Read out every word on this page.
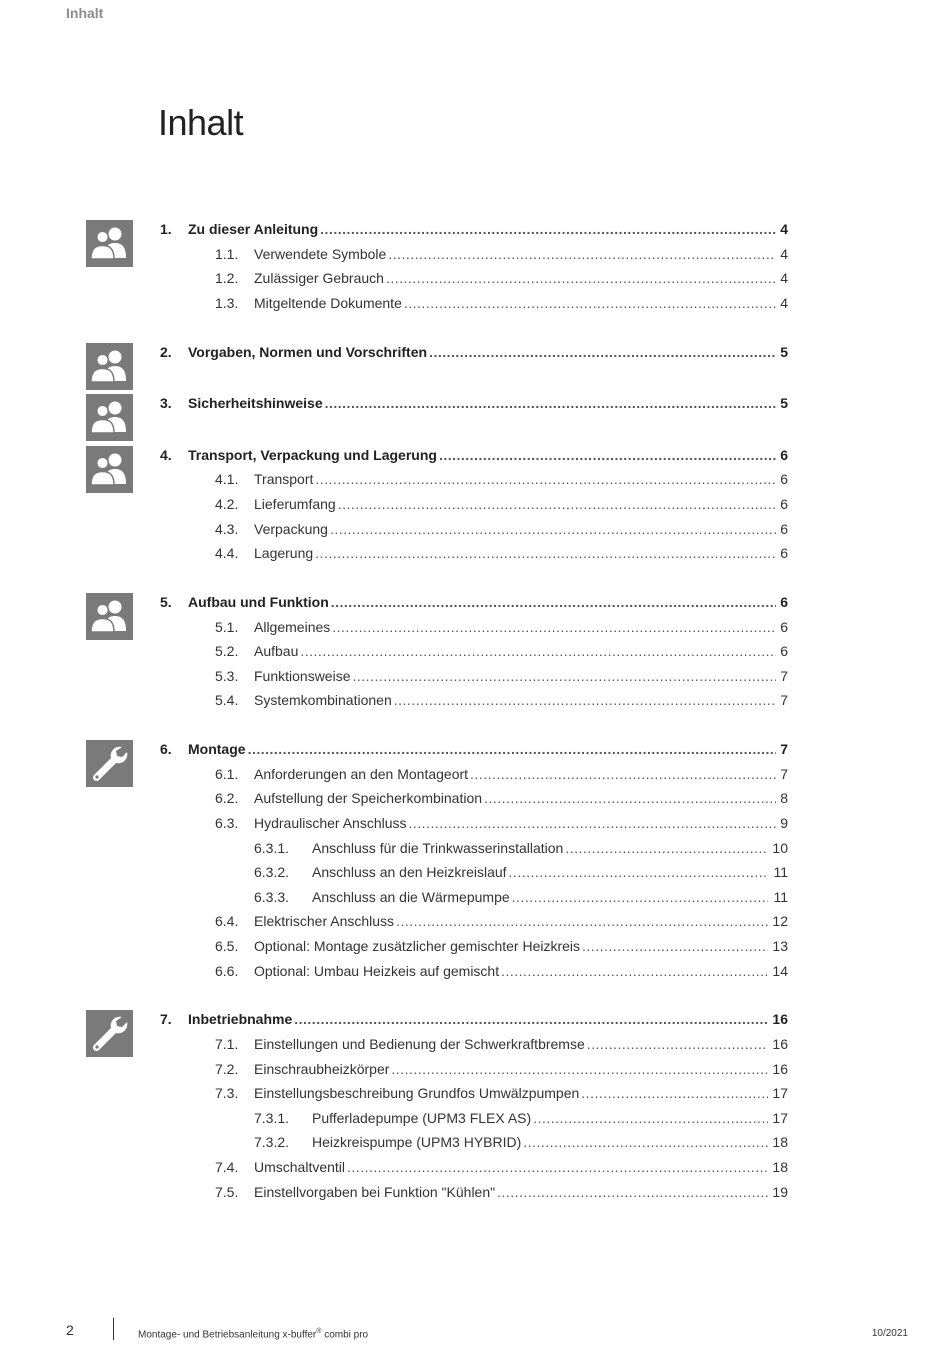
Inhalt
Inhalt
1.	Zu dieser Anleitung .....	4
1.1.	Verwendete Symbole .....	4
1.2.	Zulässiger Gebrauch .....	4
1.3.	Mitgeltende Dokumente .....	4
2.	Vorgaben, Normen und Vorschriften .....	5
3.	Sicherheitshinweise .....	5
4.	Transport, Verpackung und Lagerung .....	6
4.1.	Transport .....	6
4.2.	Lieferumfang .....	6
4.3.	Verpackung .....	6
4.4.	Lagerung .....	6
5.	Aufbau und Funktion .....	6
5.1.	Allgemeines .....	6
5.2.	Aufbau .....	6
5.3.	Funktionsweise .....	7
5.4.	Systemkombinationen .....	7
6.	Montage .....	7
6.1.	Anforderungen an den Montageort .....	7
6.2.	Aufstellung der Speicherkombination .....	8
6.3.	Hydraulischer Anschluss .....	9
6.3.1.	Anschluss für die Trinkwasserinstallation .....	10
6.3.2.	Anschluss an den Heizkreislauf .....	11
6.3.3.	Anschluss an die Wärmepumpe .....	11
6.4.	Elektrischer Anschluss .....	12
6.5.	Optional: Montage zusätzlicher gemischter Heizkreis .....	13
6.6.	Optional: Umbau Heizkeis auf gemischt .....	14
7.	Inbetriebnahme .....	16
7.1.	Einstellungen und Bedienung der Schwerkraftbremse .....	16
7.2.	Einschraubheizkörper .....	16
7.3.	Einstellungsbeschreibung Grundfos Umwälzpumpen .....	17
7.3.1.	Pufferladepumpe (UPM3 FLEX AS) .....	17
7.3.2.	Heizkreispumpe (UPM3 HYBRID) .....	18
7.4.	Umschaltventil .....	18
7.5.	Einstellvorgaben bei Funktion "Kühlen" .....	19
2	Montage- und Betriebsanleitung x-buffer® combi pro	10/2021
